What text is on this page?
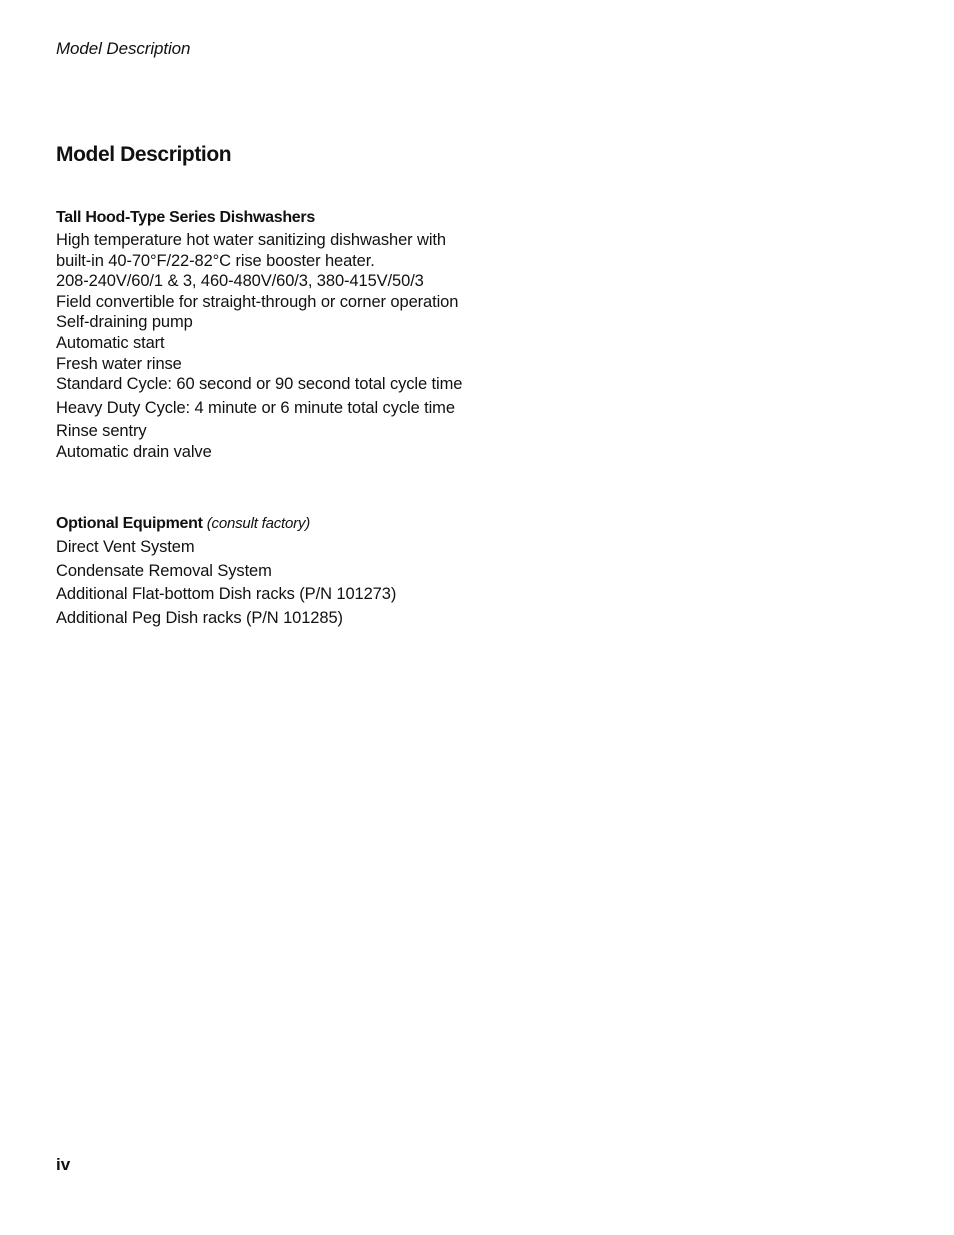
Model Description
Model Description
Tall Hood-Type Series Dishwashers
High temperature hot water sanitizing dishwasher with
built-in 40-70°F/22-82°C rise booster heater.
208-240V/60/1 & 3, 460-480V/60/3, 380-415V/50/3
Field convertible for straight-through or corner operation
Self-draining pump
Automatic start
Fresh water rinse
Standard Cycle: 60 second or 90 second total cycle time
Heavy Duty Cycle: 4 minute or 6 minute total cycle time
Rinse sentry
Automatic drain valve
Optional Equipment (consult factory)
Direct Vent System
Condensate Removal System
Additional Flat-bottom Dish racks (P/N 101273)
Additional Peg Dish racks (P/N 101285)
iv
